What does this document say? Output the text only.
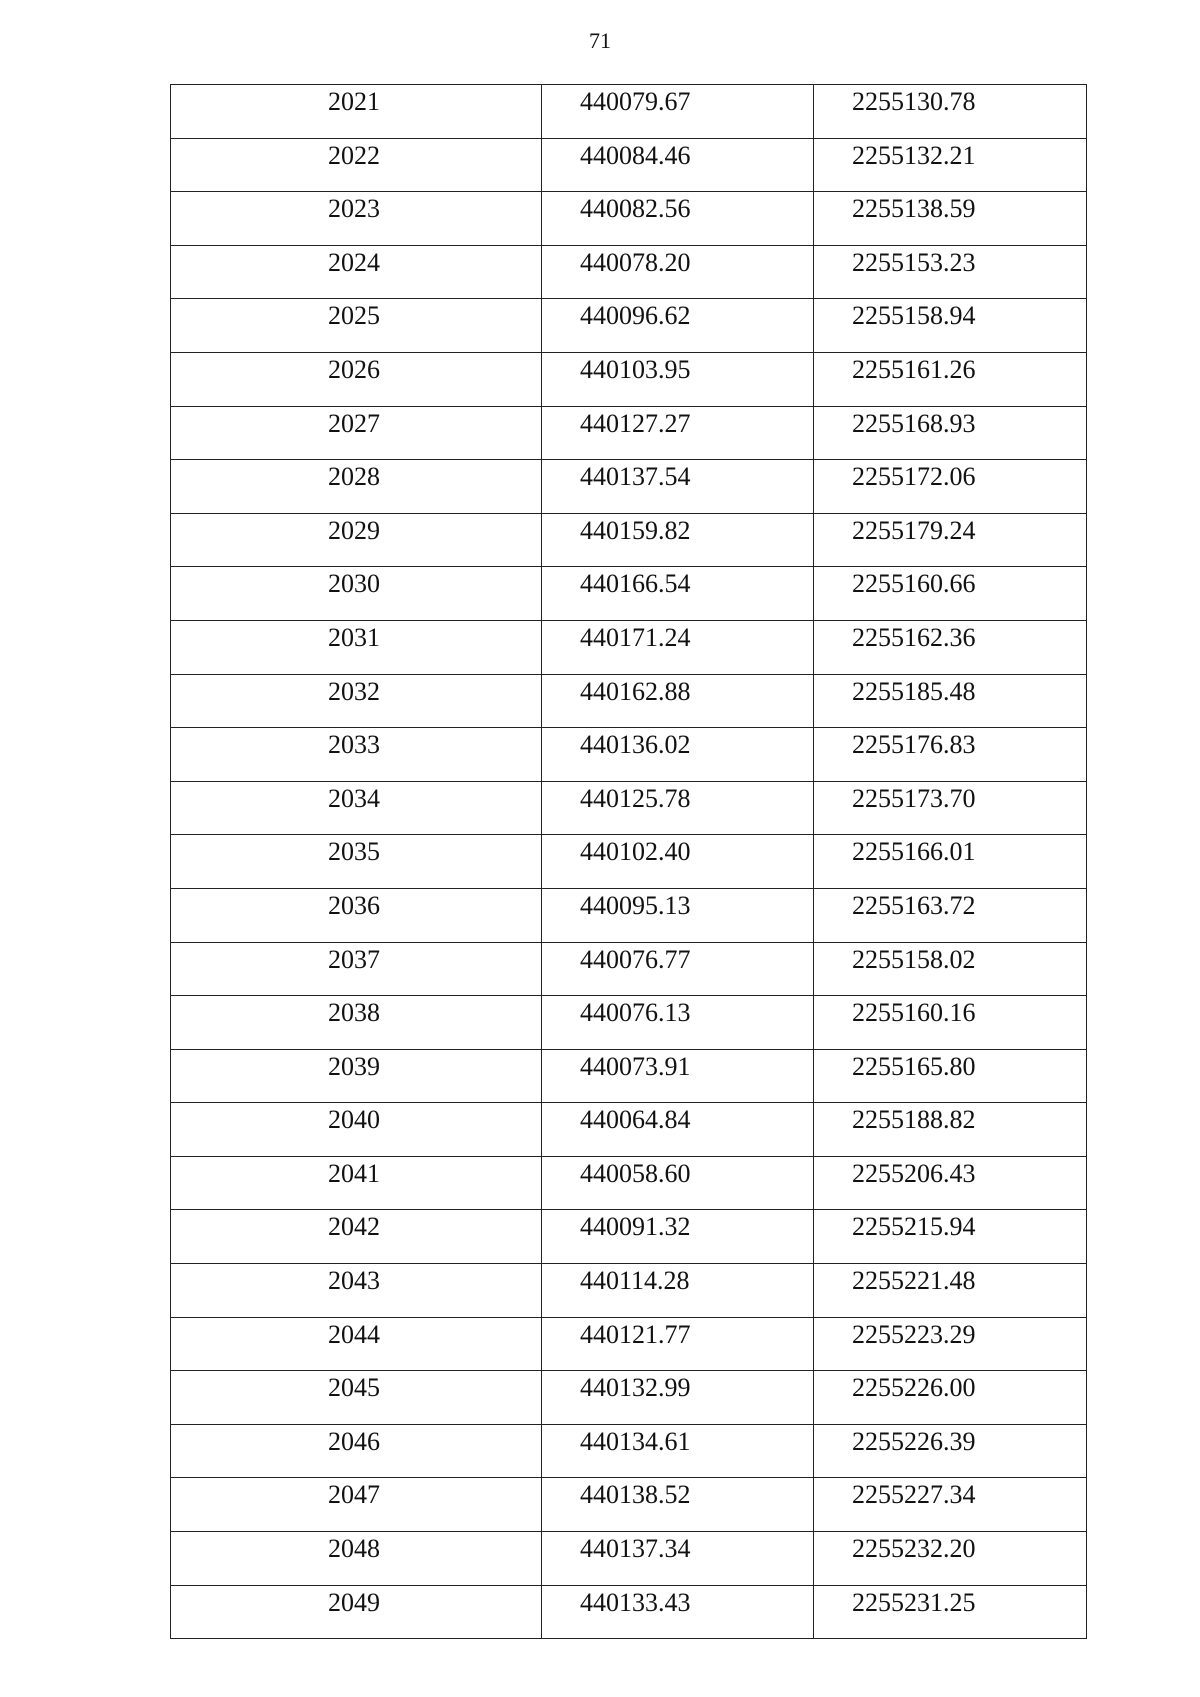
71
2021	440079.67	2255130.78

2022	440084.46	2255132.21

2023	440082.56	2255138.59

2024	440078.20	2255153.23

2025	440096.62	2255158.94

2026	440103.95	2255161.26

2027	440127.27	2255168.93

2028	440137.54	2255172.06

2029	440159.82	2255179.24

2030	440166.54	2255160.66

2031	440171.24	2255162.36

2032	440162.88	2255185.48

2033	440136.02	2255176.83

2034	440125.78	2255173.70

2035	440102.40	2255166.01

2036	440095.13	2255163.72

2037	440076.77	2255158.02

2038	440076.13	2255160.16

2039	440073.91	2255165.80

2040	440064.84	2255188.82

2041	440058.60	2255206.43

2042	440091.32	2255215.94

2043	440114.28	2255221.48

2044	440121.77	2255223.29

2045	440132.99	2255226.00

2046	440134.61	2255226.39

2047	440138.52	2255227.34

2048	440137.34	2255232.20

2049	440133.43	2255231.25
